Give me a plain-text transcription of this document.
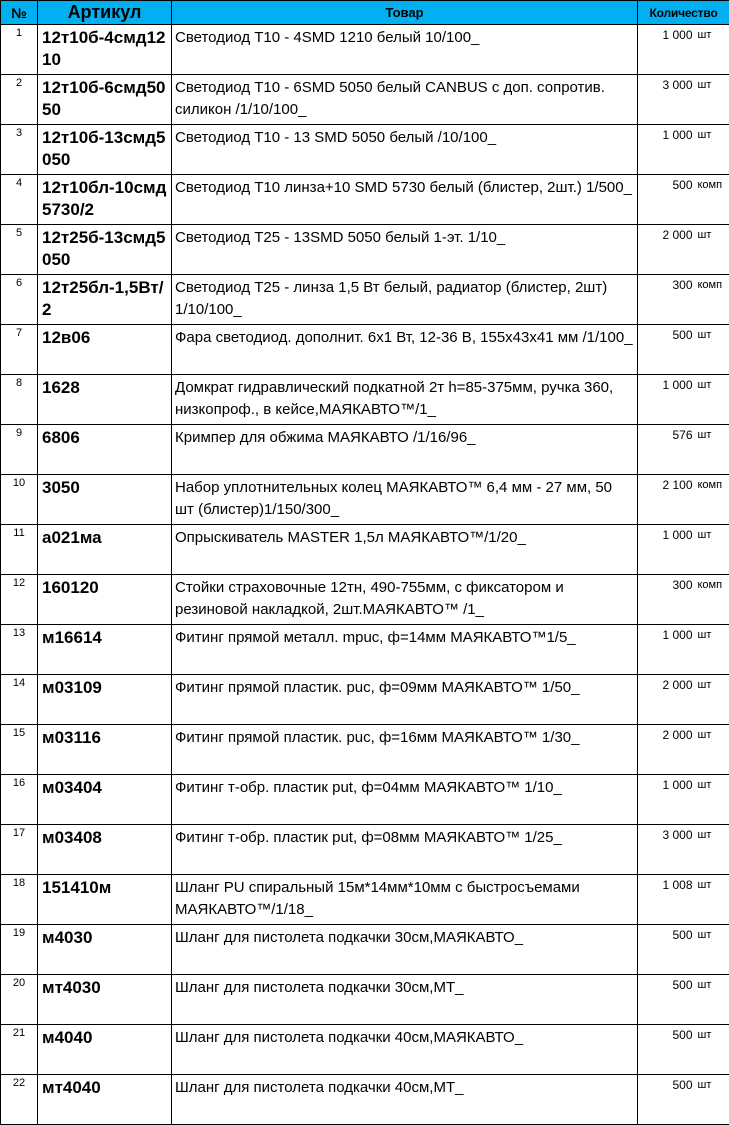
№	Артикул	Товар	Количество	
1	12т10б-4смд1210	Светодиод Т10 - 4SMD 1210 белый 10/100_	1 000	шт
2	12т10б-6смд5050	Светодиод Т10 - 6SMD 5050 белый CANBUS с доп. сопротив. силикон /1/10/100_	3 000	шт
3	12т10б-13смд5050	Светодиод Т10 - 13 SMD 5050 белый /10/100_	1 000	шт
4	12т10бл-10смд5730/2	Светодиод Т10 линза+10 SMD 5730 белый (блистер, 2шт.) 1/500_	500	комп
5	12т25б-13смд5050	Светодиод Т25 - 13SMD 5050 белый 1-эт. 1/10_	2 000	шт
6	12т25бл-1,5Вт/2	Светодиод Т25 - линза 1,5 Вт белый, радиатор (блистер, 2шт) 1/10/100_	300	комп
7	12в06	Фара светодиод. дополнит. 6х1 Вт, 12-36 В, 155х43х41 мм /1/100_	500	шт
8	1628	Домкрат гидравлический подкатной 2т h=85-375мм, ручка 360, низкопроф., в кейсе,МАЯКАВТО™/1_	1 000	шт
9	6806	Кримпер для обжима МАЯКАВТО /1/16/96_	576	шт
10	3050	Набор уплотнительных колец МАЯКАВТО™ 6,4 мм - 27 мм, 50 шт (блистер)1/150/300_	2 100	комп
11	а021ма	Опрыскиватель MASTER 1,5л МАЯКАВТО™/1/20_	1 000	шт
12	160120	Стойки страховочные 12тн, 490-755мм, с фиксатором и резиновой накладкой, 2шт.МАЯКАВТО™ /1_	300	комп
13	м16614	Фитинг прямой металл. mpuc, ф=14мм МАЯКАВТО™1/5_	1 000	шт
14	м03109	Фитинг прямой пластик. puc, ф=09мм МАЯКАВТО™ 1/50_	2 000	шт
15	м03116	Фитинг прямой пластик. puc, ф=16мм МАЯКАВТО™ 1/30_	2 000	шт
16	м03404	Фитинг т-обр. пластик put, ф=04мм МАЯКАВТО™ 1/10_	1 000	шт
17	м03408	Фитинг т-обр. пластик put, ф=08мм МАЯКАВТО™ 1/25_	3 000	шт
18	151410м	Шланг PU спиральный 15м*14мм*10мм с быстросъемами МАЯКАВТО™/1/18_	1 008	шт
19	м4030	Шланг для пистолета подкачки 30см,МАЯКАВТО_	500	шт
20	мт4030	Шланг для пистолета подкачки 30см,МТ_	500	шт
21	м4040	Шланг для пистолета подкачки 40см,МАЯКАВТО_	500	шт
22	мт4040	Шланг для пистолета подкачки 40см,МТ_	500	шт
